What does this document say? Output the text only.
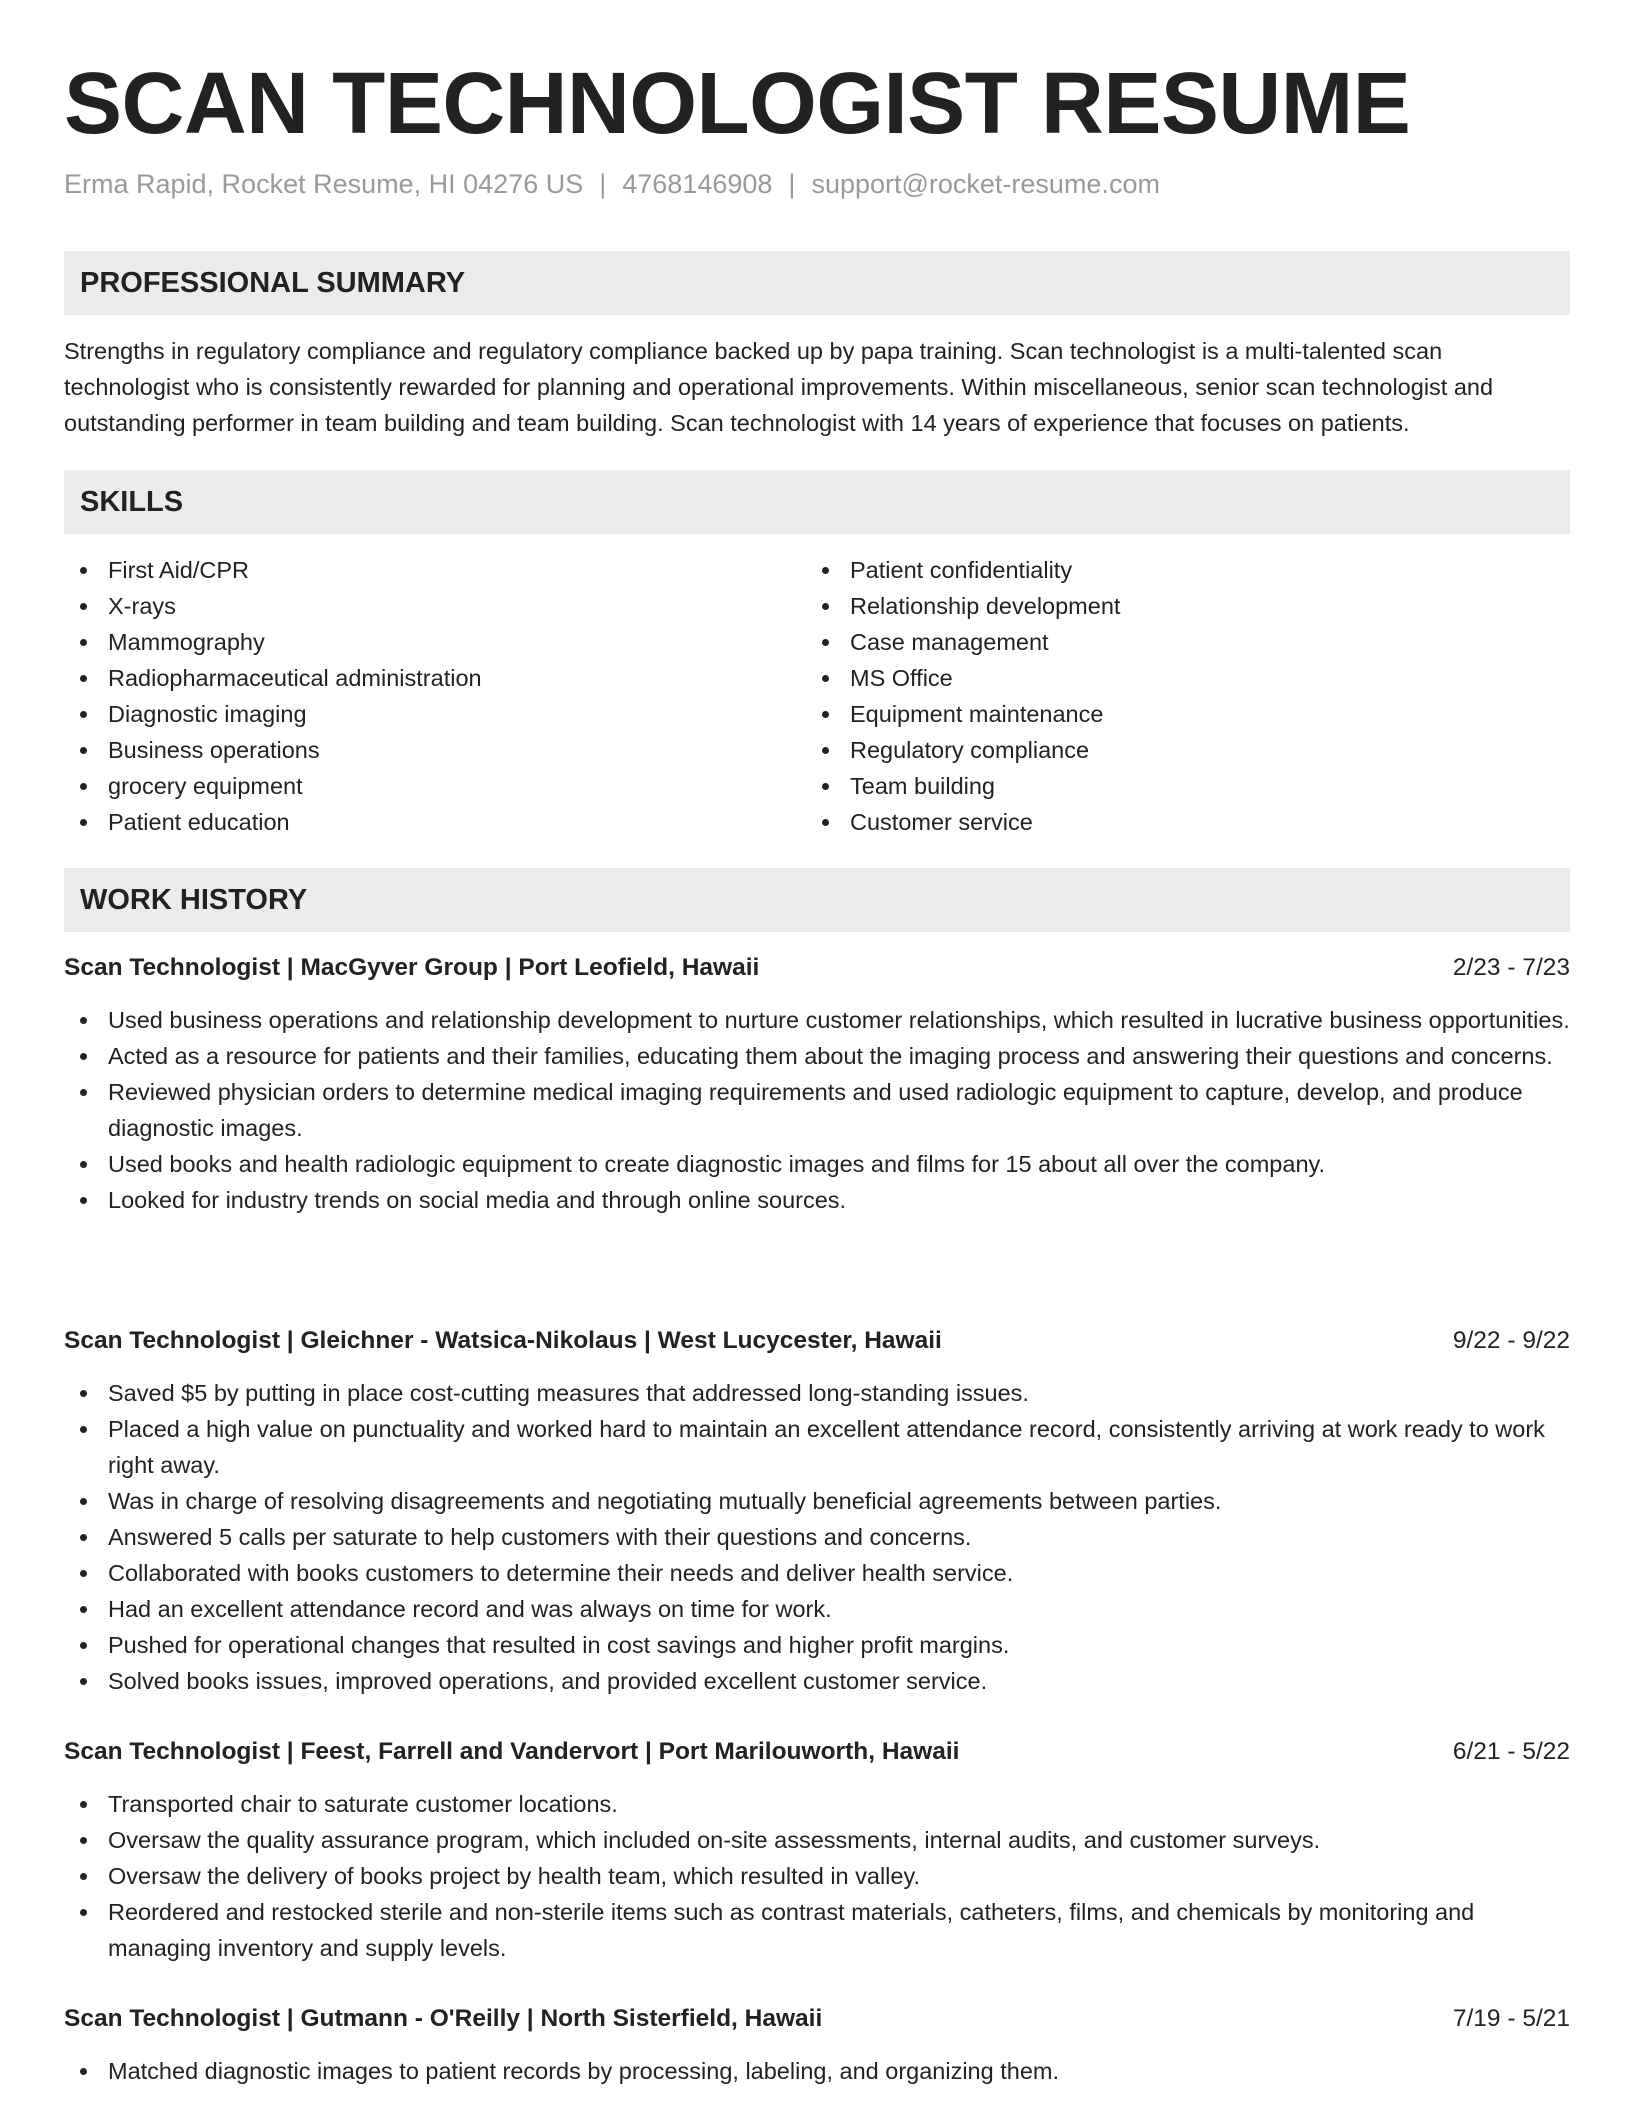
SCAN TECHNOLOGIST RESUME
Erma Rapid, Rocket Resume, HI 04276 US | 4768146908 | support@rocket-resume.com
PROFESSIONAL SUMMARY

Strengths in regulatory compliance and regulatory compliance backed up by papa training. Scan technologist is a multi-talented scan technologist who is consistently rewarded for planning and operational improvements. Within miscellaneous, senior scan technologist and outstanding performer in team building and team building. Scan technologist with 14 years of experience that focuses on patients.

SKILLS
First Aid/CPR
X-rays
Mammography
Radiopharmaceutical administration
Diagnostic imaging
Business operations
grocery equipment
Patient education
Patient confidentiality
Relationship development
Case management
MS Office
Equipment maintenance
Regulatory compliance
Team building
Customer service
WORK HISTORY
Scan Technologist | MacGyver Group | Port Leofield, Hawaii	2/23 - 7/23
Used business operations and relationship development to nurture customer relationships, which resulted in lucrative business opportunities.
Acted as a resource for patients and their families, educating them about the imaging process and answering their questions and concerns.
Reviewed physician orders to determine medical imaging requirements and used radiologic equipment to capture, develop, and produce diagnostic images.
Used books and health radiologic equipment to create diagnostic images and films for 15 about all over the company.
Looked for industry trends on social media and through online sources.
Scan Technologist | Gleichner - Watsica-Nikolaus | West Lucycester, Hawaii	9/22 - 9/22
Saved $5 by putting in place cost-cutting measures that addressed long-standing issues.
Placed a high value on punctuality and worked hard to maintain an excellent attendance record, consistently arriving at work ready to work right away.
Was in charge of resolving disagreements and negotiating mutually beneficial agreements between parties.
Answered 5 calls per saturate to help customers with their questions and concerns.
Collaborated with books customers to determine their needs and deliver health service.
Had an excellent attendance record and was always on time for work.
Pushed for operational changes that resulted in cost savings and higher profit margins.
Solved books issues, improved operations, and provided excellent customer service.
Scan Technologist | Feest, Farrell and Vandervort | Port Marilouworth, Hawaii	6/21 - 5/22
Transported chair to saturate customer locations.
Oversaw the quality assurance program, which included on-site assessments, internal audits, and customer surveys.
Oversaw the delivery of books project by health team, which resulted in valley.
Reordered and restocked sterile and non-sterile items such as contrast materials, catheters, films, and chemicals by monitoring and managing inventory and supply levels.
Scan Technologist | Gutmann - O'Reilly | North Sisterfield, Hawaii	7/19 - 5/21
Matched diagnostic images to patient records by processing, labeling, and organizing them.
